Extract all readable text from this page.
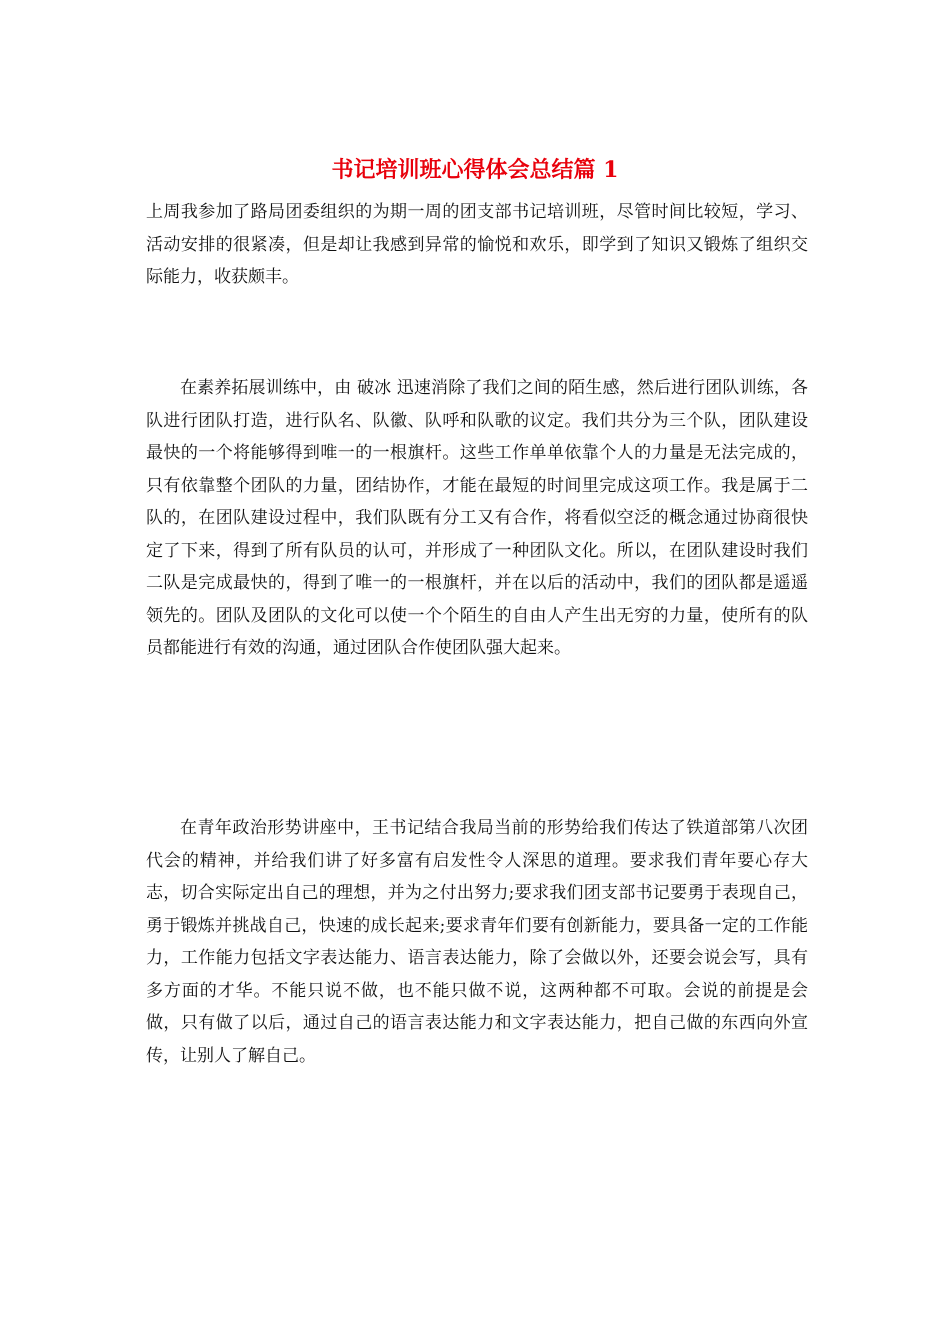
书记培训班心得体会总结篇 1

上周我参加了路局团委组织的为期一周的团支部书记培训班，尽管时间比较短，学习、活动安排的很紧凑，但是却让我感到异常的愉悦和欢乐，即学到了知识又锻炼了组织交际能力，收获颇丰。

在素养拓展训练中，由 破冰 迅速消除了我们之间的陌生感，然后进行团队训练，各队进行团队打造，进行队名、队徽、队呼和队歌的议定。我们共分为三个队，团队建设最快的一个将能够得到唯一的一根旗杆。这些工作单单依靠个人的力量是无法完成的，只有依靠整个团队的力量，团结协作，才能在最短的时间里完成这项工作。我是属于二队的，在团队建设过程中，我们队既有分工又有合作，将看似空泛的概念通过协商很快定了下来，得到了所有队员的认可，并形成了一种团队文化。所以，在团队建设时我们二队是完成最快的，得到了唯一的一根旗杆，并在以后的活动中，我们的团队都是遥遥领先的。团队及团队的文化可以使一个个陌生的自由人产生出无穷的力量，使所有的队员都能进行有效的沟通，通过团队合作使团队强大起来。

在青年政治形势讲座中，王书记结合我局当前的形势给我们传达了铁道部第八次团代会的精神，并给我们讲了好多富有启发性令人深思的道理。要求我们青年要心存大志，切合实际定出自己的理想，并为之付出努力;要求我们团支部书记要勇于表现自己，勇于锻炼并挑战自己，快速的成长起来;要求青年们要有创新能力，要具备一定的工作能力，工作能力包括文字表达能力、语言表达能力，除了会做以外，还要会说会写，具有多方面的才华。不能只说不做，也不能只做不说，这两种都不可取。会说的前提是会做，只有做了以后，通过自己的语言表达能力和文字表达能力，把自己做的东西向外宣传，让别人了解自己。
